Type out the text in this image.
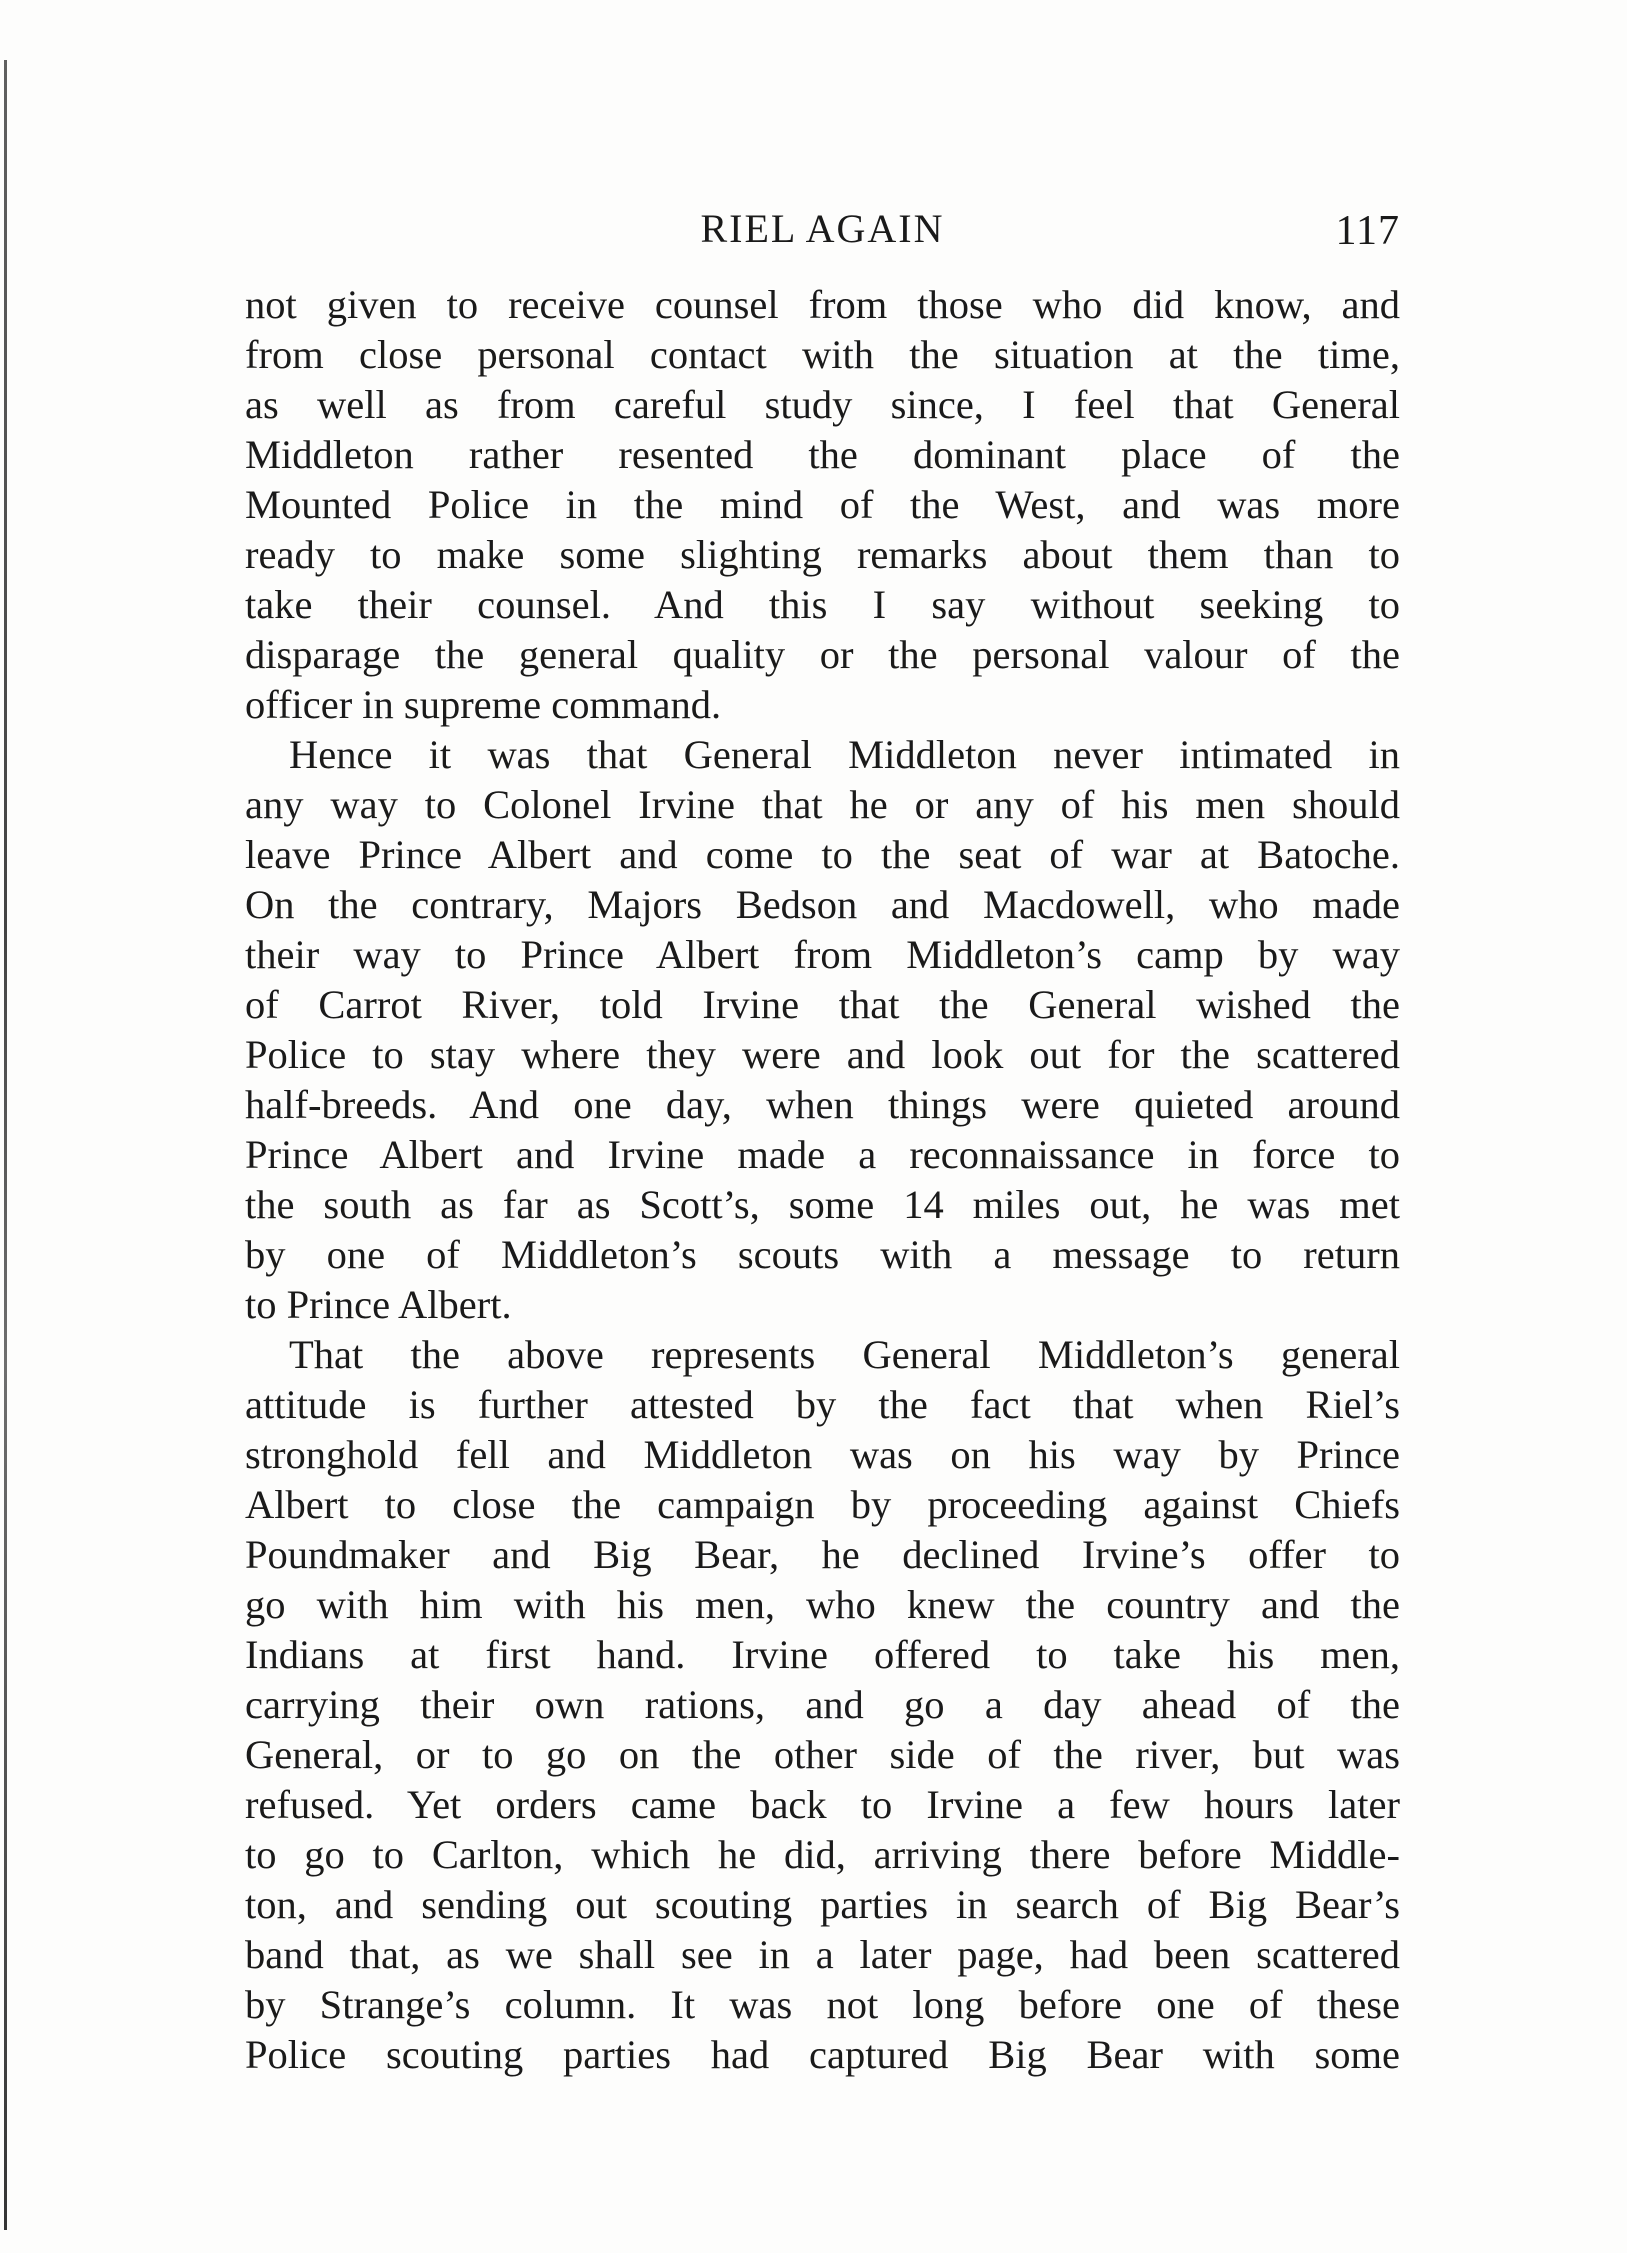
RIEL AGAIN	117
not given to receive counsel from those who did know, and
from close personal contact with the situation at the time,
as well as from careful study since, I feel that General
Middleton rather resented the dominant place of the
Mounted Police in the mind of the West, and was more
ready to make some slighting remarks about them than to
take their counsel. And this I say without seeking to
disparage the general quality or the personal valour of the
officer in supreme command.
Hence it was that General Middleton never intimated in
any way to Colonel Irvine that he or any of his men should
leave Prince Albert and come to the seat of war at Batoche.
On the contrary, Majors Bedson and Macdowell, who made
their way to Prince Albert from Middleton’s camp by way
of Carrot River, told Irvine that the General wished the
Police to stay where they were and look out for the scattered
half-breeds. And one day, when things were quieted around
Prince Albert and Irvine made a reconnaissance in force to
the south as far as Scott’s, some 14 miles out, he was met
by one of Middleton’s scouts with a message to return
to Prince Albert.
That the above represents General Middleton’s general
attitude is further attested by the fact that when Riel’s
stronghold fell and Middleton was on his way by Prince
Albert to close the campaign by proceeding against Chiefs
Poundmaker and Big Bear, he declined Irvine’s offer to
go with him with his men, who knew the country and the
Indians at first hand. Irvine offered to take his men,
carrying their own rations, and go a day ahead of the
General, or to go on the other side of the river, but was
refused. Yet orders came back to Irvine a few hours later
to go to Carlton, which he did, arriving there before Middle-
ton, and sending out scouting parties in search of Big Bear’s
band that, as we shall see in a later page, had been scattered
by Strange’s column. It was not long before one of these
Police scouting parties had captured Big Bear with some
